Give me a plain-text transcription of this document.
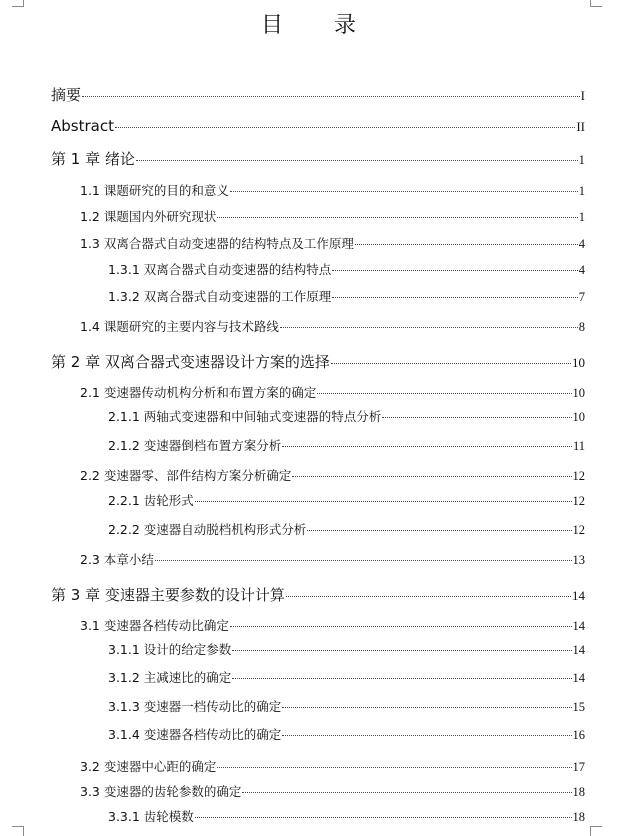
目 录
摘要	I
Abstract	II
第 1 章 绪论	1
1.1 课题研究的目的和意义	1
1.2 课题国内外研究现状	1
1.3 双离合器式自动变速器的结构特点及工作原理	4
1.3.1 双离合器式自动变速器的结构特点	4
1.3.2 双离合器式自动变速器的工作原理	7
1.4 课题研究的主要内容与技术路线	8
第 2 章 双离合器式变速器设计方案的选择	10
2.1 变速器传动机构分析和布置方案的确定	10
2.1.1 两轴式变速器和中间轴式变速器的特点分析	10
2.1.2 变速器倒档布置方案分析	11
2.2 变速器零、部件结构方案分析确定	12
2.2.1 齿轮形式	12
2.2.2 变速器自动脱档机构形式分析	12
2.3 本章小结	13
第 3 章 变速器主要参数的设计计算	14
3.1 变速器各档传动比确定	14
3.1.1 设计的给定参数	14
3.1.2 主减速比的确定	14
3.1.3 变速器一档传动比的确定	15
3.1.4 变速器各档传动比的确定	16
3.2 变速器中心距的确定	17
3.3 变速器的齿轮参数的确定	18
3.3.1 齿轮模数	18
